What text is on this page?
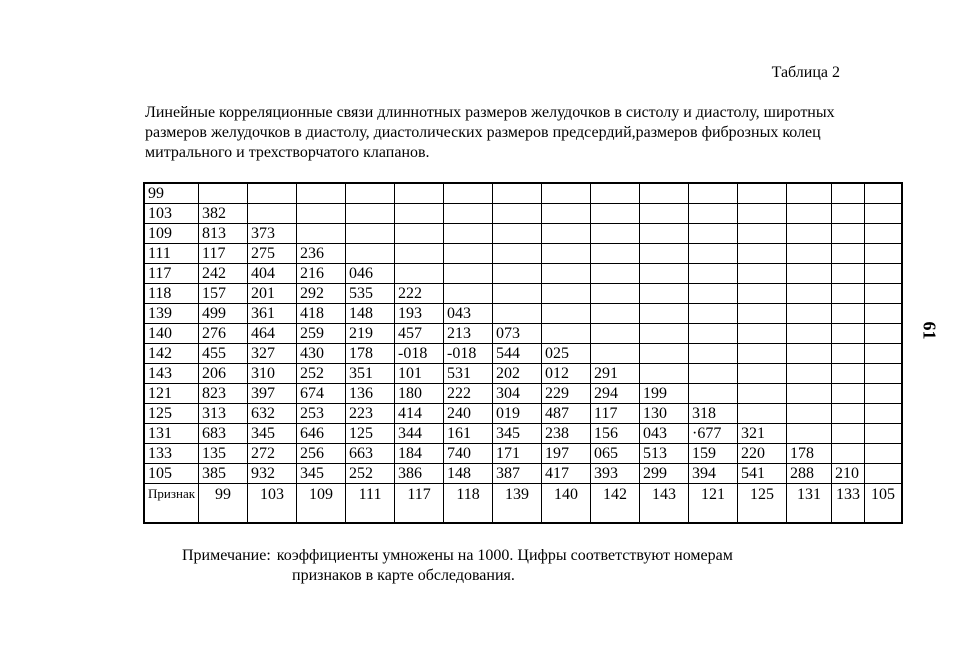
Таблица 2
Линейные корреляционные связи длиннотных размеров желудочков в систолу и диастолу, широтных размеров желудочков в диастолу, диастолических размеров предсердий,размеров фиброзных колец митрального и трехстворчатого клапанов.
61
99															
103	382														
109	813	373													
111	117	275	236												
117	242	404	216	046											
118	157	201	292	535	222										
139	499	361	418	148	193	043									
140	276	464	259	219	457	213	073								
142	455	327	430	178	-018	-018	544	025							
143	206	310	252	351	101	531	202	012	291						
121	823	397	674	136	180	222	304	229	294	199					
125	313	632	253	223	414	240	019	487	117	130	318				
131	683	345	646	125	344	161	345	238	156	043	·677	321			
133	135	272	256	663	184	740	171	197	065	513	159	220	178		
105	385	932	345	252	386	148	387	417	393	299	394	541	288	210	
Признак	99	103	109	111	117	118	139	140	142	143	121	125	131	133	105
Примечание: коэффициенты умножены на 1000. Цифры соответствуют номерам
признаков в карте обследования.
